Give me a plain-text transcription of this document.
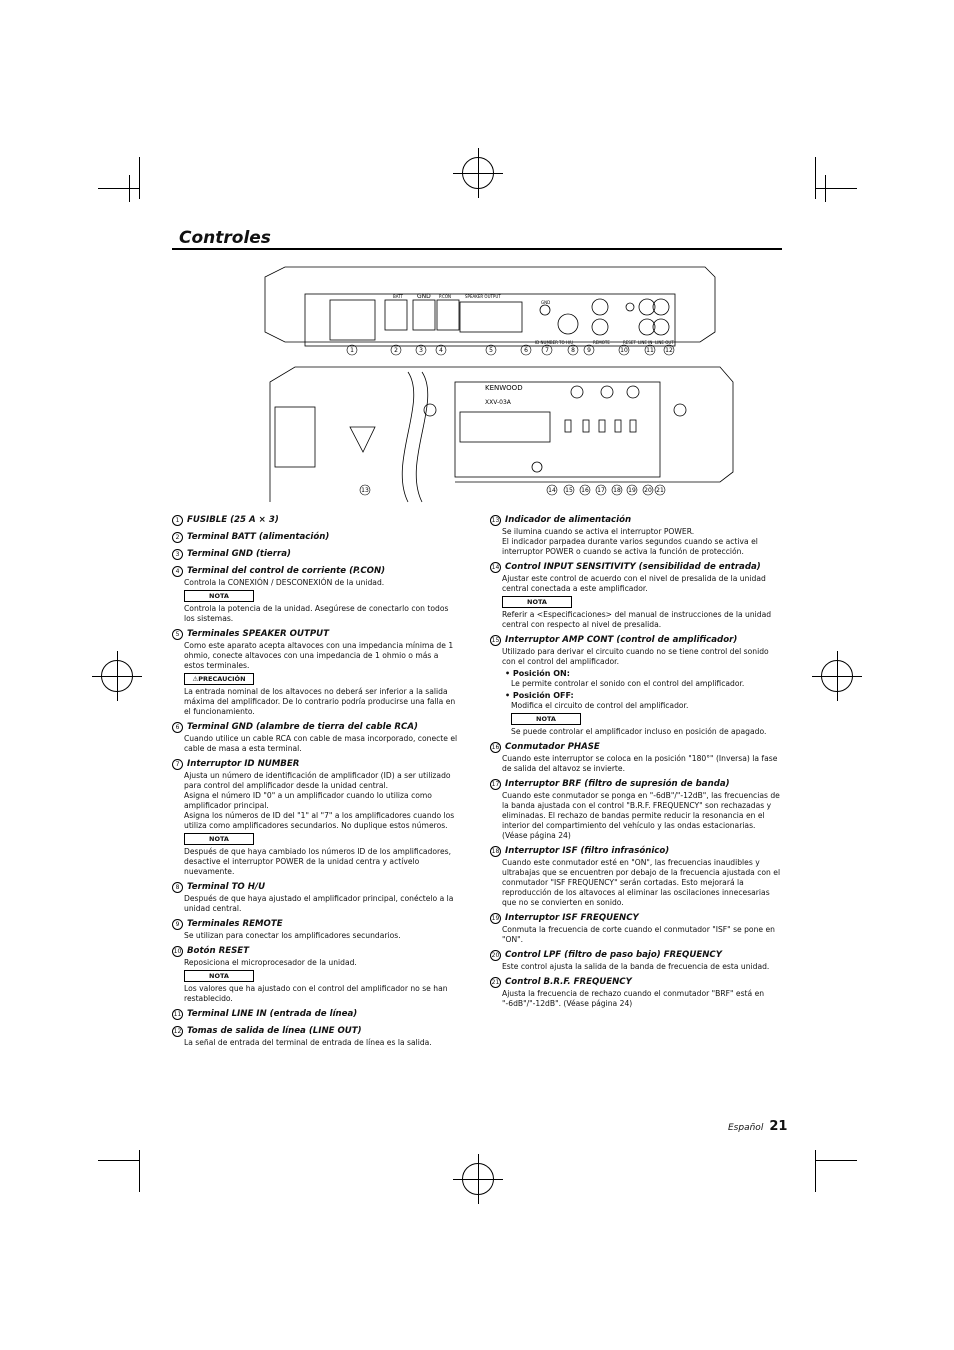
Controles
BATT GND P.CON	SPEAKER OUTPUT
GND
ID NUMBER TO H/U	REMOTE	RESET LINE IN LINE OUT
KENWOOD
XXV-03A
1	2	3	4	5	6	7	8 9	10	11 12
13	14 15 16 17 18 19 20 21
1 FUSIBLE (25 A × 3)
2 Terminal BATT (alimentación)
3 Terminal GND (tierra)
4 Terminal del control de corriente (P.CON)

Controla la CONEXIÓN / DESCONEXIÓN de la unidad.

NOTA

Controla la potencia de la unidad. Asegúrese de conectarlo con todos los sistemas.

5 Terminales SPEAKER OUTPUT

Como este aparato acepta altavoces con una impedancia mínima de 1 ohmio, conecte altavoces con una impedancia de 1 ohmio o más a estos terminales.

⚠PRECAUCIÓN

La entrada nominal de los altavoces no deberá ser inferior a la salida máxima del amplificador. De lo contrario podría producirse una falla en el funcionamiento.

6 Terminal GND (alambre de tierra del cable RCA)

Cuando utilice un cable RCA con cable de masa incorporado, conecte el cable de masa a esta terminal.

7 Interruptor ID NUMBER

Ajusta un número de identificación de amplificador (ID) a ser utilizado para control del amplificador desde la unidad central.

Asigna el número ID "0" a un amplificador cuando lo utiliza como amplificador principal.

Asigna los números de ID del "1" al "7" a los amplificadores cuando los utiliza como amplificadores secundarios. No duplique estos números.

NOTA

Después de que haya cambiado los números ID de los amplificadores, desactive el interruptor POWER de la unidad centra y actívelo nuevamente.

8 Terminal TO H/U

Después de que haya ajustado el amplificador principal, conéctelo a la unidad central.

9 Terminales REMOTE

Se utilizan para conectar los amplificadores secundarios.

10 Botón RESET

Reposiciona el microprocesador de la unidad.

NOTA

Los valores que ha ajustado con el control del amplificador no se han restablecido.

11 Terminal LINE IN (entrada de línea)
12 Tomas de salida de línea (LINE OUT)

La señal de entrada del terminal de entrada de línea es la salida.

13 Indicador de alimentación

Se ilumina cuando se activa el interruptor POWER.

El indicador parpadea durante varios segundos cuando se activa el interruptor POWER o cuando se activa la función de protección.

14 Control INPUT SENSITIVITY (sensibilidad de entrada)

Ajustar este control de acuerdo con el nivel de presalida de la unidad central conectada a este amplificador.

NOTA

Referir a <Especificaciones> del manual de instrucciones de la unidad central con respecto al nivel de presalida.

15 Interruptor AMP CONT (control de amplificador)

Utilizado para derivar el circuito cuando no se tiene control del sonido con el control del amplificador.

• Posición ON:
Le permite controlar el sonido con el control del amplificador.
• Posición OFF:
Modifica el circuito de control del amplificador.
NOTA

Se puede controlar el amplificador incluso en posición de apagado.

16 Conmutador PHASE

Cuando este interruptor se coloca en la posición "180°" (Inversa) la fase de salida del altavoz se invierte.

17 Interruptor BRF (filtro de supresión de banda)

Cuando este conmutador se ponga en "-6dB"/"-12dB", las frecuencias de la banda ajustada con el control "B.R.F. FREQUENCY" son rechazadas y eliminadas. El rechazo de bandas permite reducir la resonancia en el interior del compartimiento del vehículo y las ondas estacionarias. (Véase página 24)

18 Interruptor ISF (filtro infrasónico)

Cuando este conmutador esté en "ON", las frecuencias inaudibles y ultrabajas que se encuentren por debajo de la frecuencia ajustada con el conmutador "ISF FREQUENCY" serán cortadas. Esto mejorará la reproducción de los altavoces al eliminar las oscilaciones innecesarias que no se convierten en sonido.

19 Interruptor ISF FREQUENCY

Conmuta la frecuencia de corte cuando el conmutador "ISF" se pone en "ON".

20 Control LPF (filtro de paso bajo) FREQUENCY

Este control ajusta la salida de la banda de frecuencia de esta unidad.

21 Control B.R.F. FREQUENCY

Ajusta la frecuencia de rechazo cuando el conmutador "BRF" está en "-6dB"/"-12dB". (Véase página 24)

Español 21
